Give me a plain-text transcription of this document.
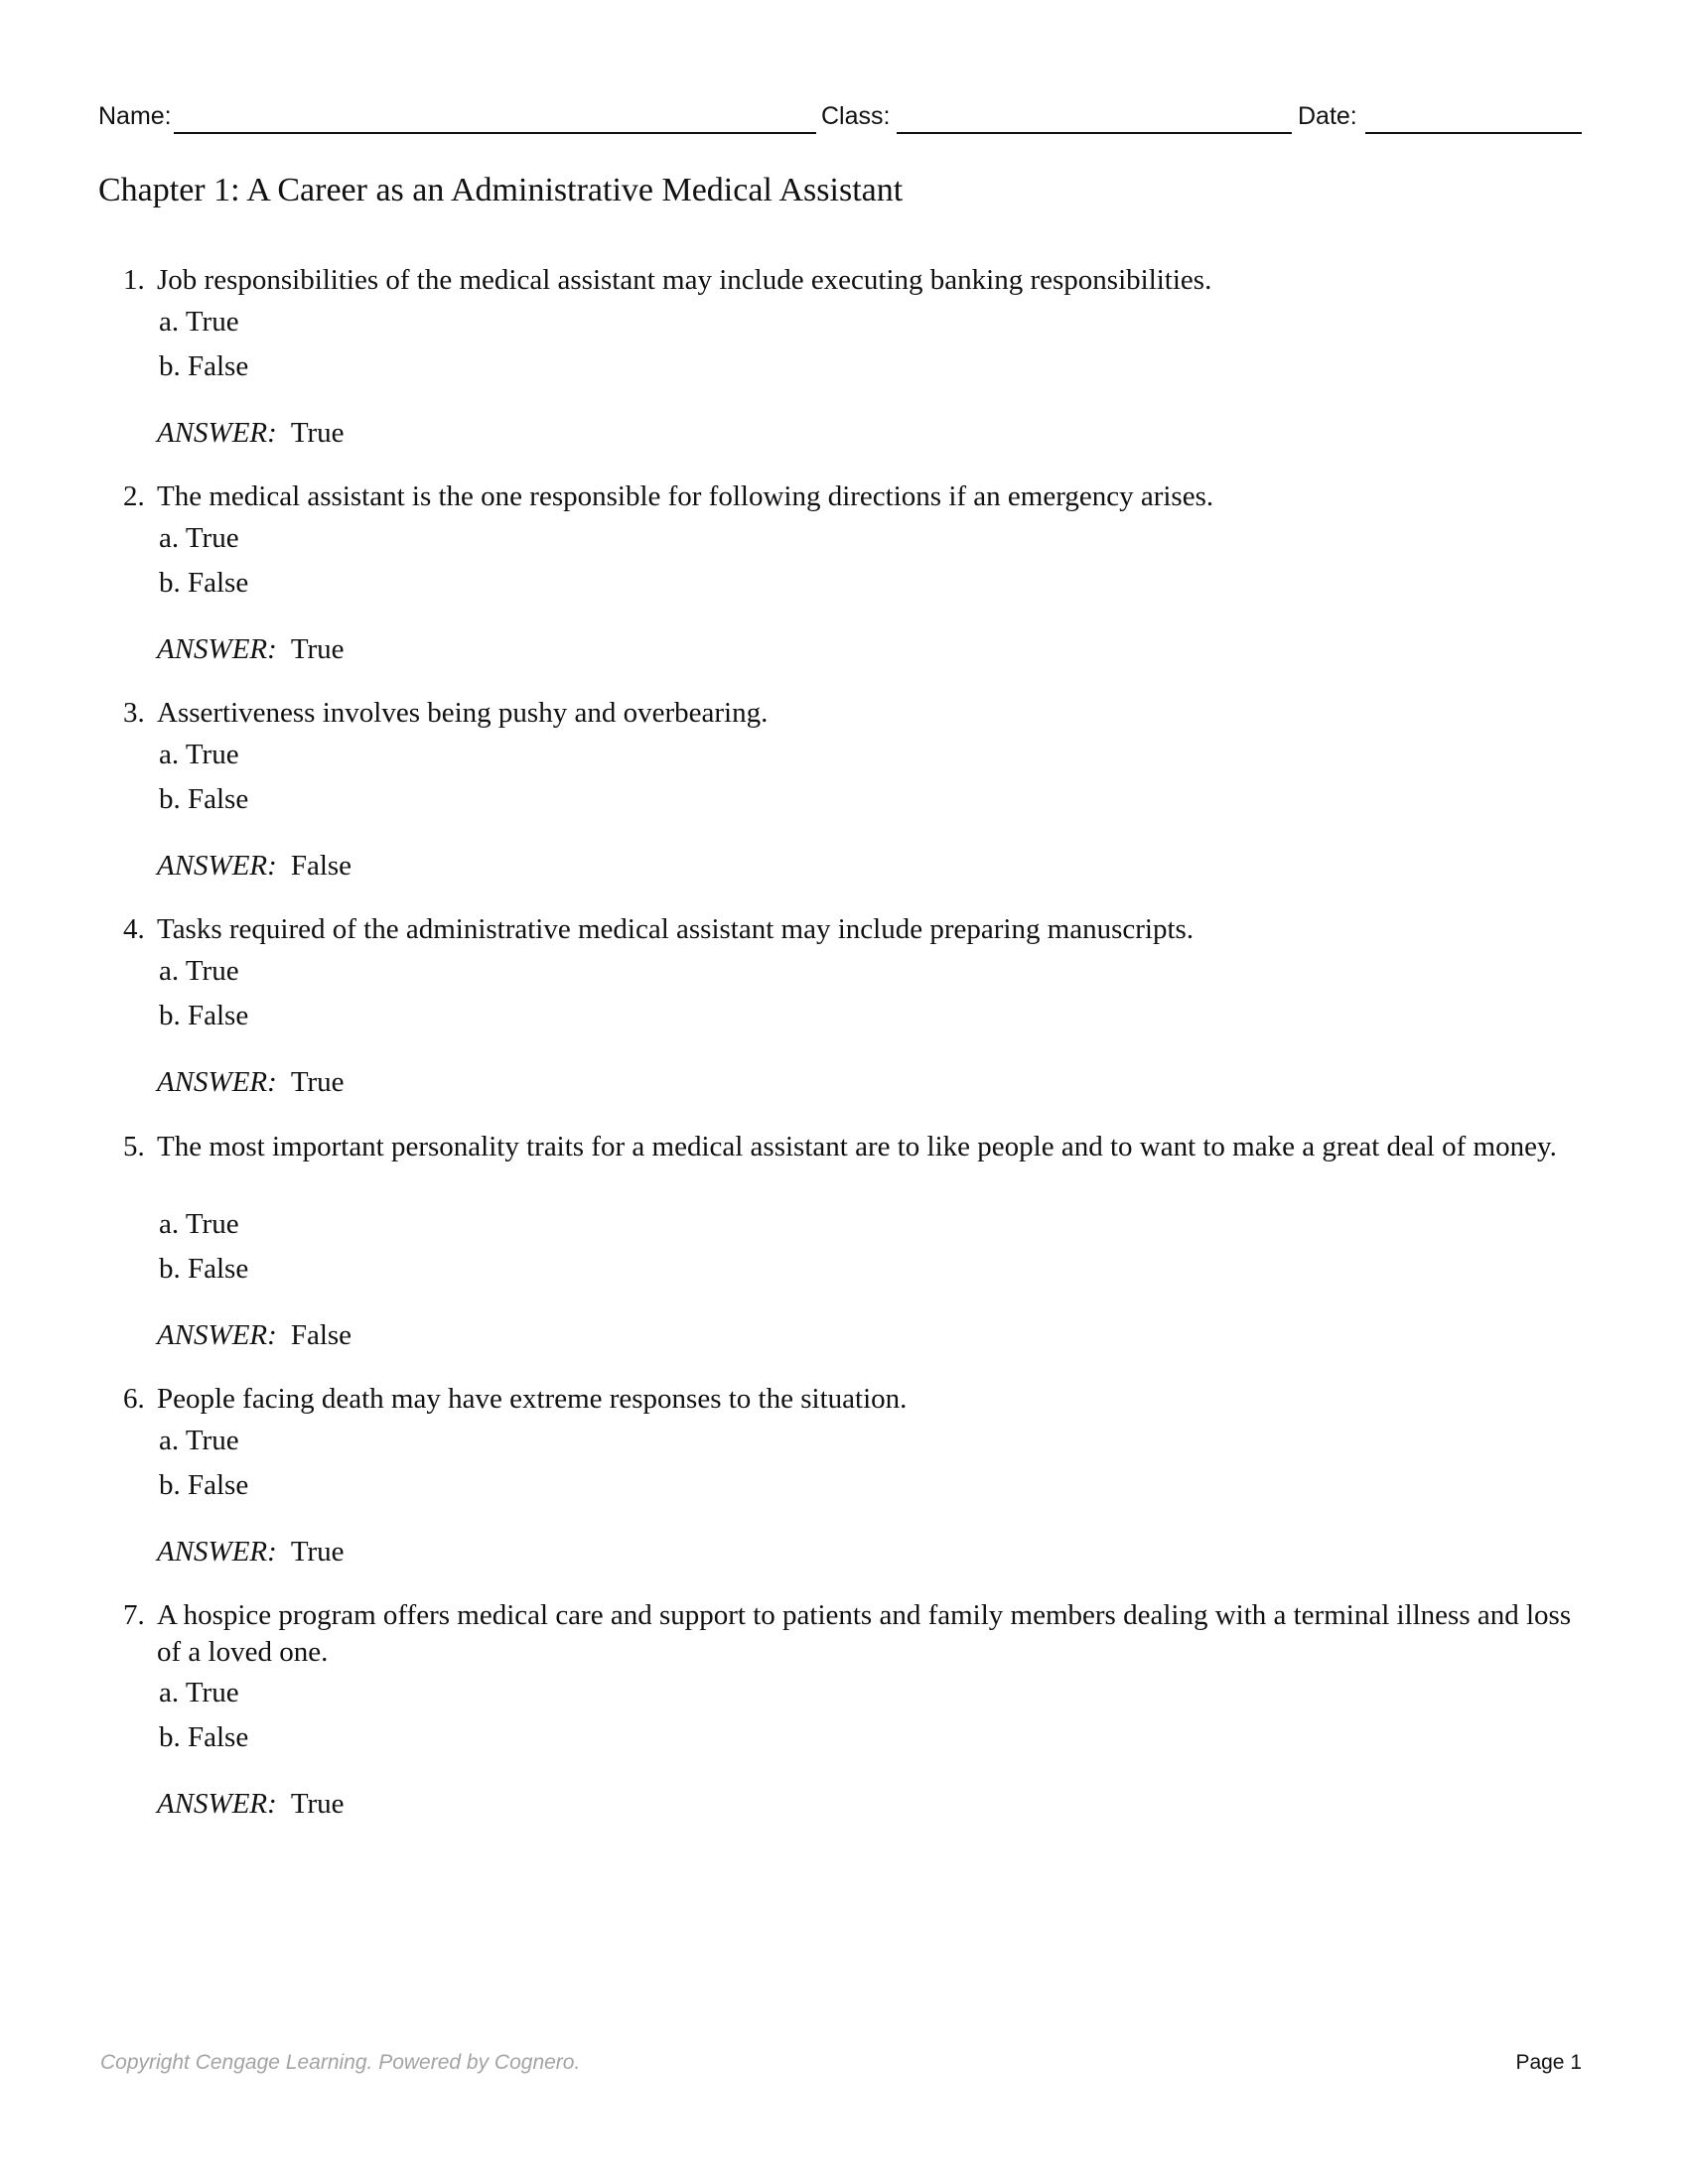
Name:	Class:	Date:
Chapter 1: A Career as an Administrative Medical Assistant
1. Job responsibilities of the medical assistant may include executing banking responsibilities.
a. True
b. False
ANSWER: True
2. The medical assistant is the one responsible for following directions if an emergency arises.
a. True
b. False
ANSWER: True
3. Assertiveness involves being pushy and overbearing.
a. True
b. False
ANSWER: False
4. Tasks required of the administrative medical assistant may include preparing manuscripts.
a. True
b. False
ANSWER: True
5. The most important personality traits for a medical assistant are to like people and to want to make a great deal of money.
a. True
b. False
ANSWER: False
6. People facing death may have extreme responses to the situation.
a. True
b. False
ANSWER: True
7. A hospice program offers medical care and support to patients and family members dealing with a terminal illness and loss of a loved one.
a. True
b. False
ANSWER: True
Copyright Cengage Learning. Powered by Cognero.	Page 1
